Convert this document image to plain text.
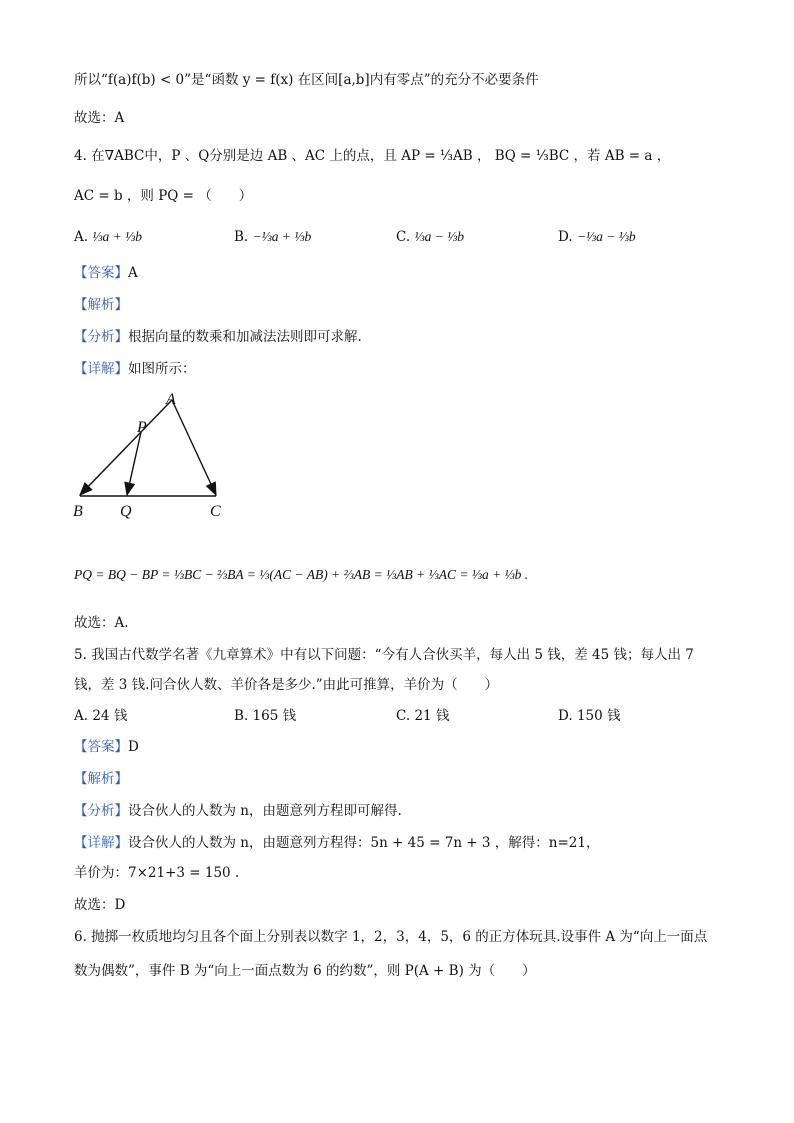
所以“f(a)f(b) < 0”是“函数 y = f(x) 在区间[a,b]内有零点”的充分不必要条件
故选：A
4. 在∇ABC中，P 、Q分别是边 AB 、AC 上的点，且 AP = ⅓AB ， BQ = ⅓BC ，若 AB = a ，
AC = b ，则 PQ = （　　）
A. ⅓a + ⅓b	B. −⅓a + ⅓b	C. ⅓a − ⅓b	D. −⅓a − ⅓b
【答案】A
【解析】
【分析】根据向量的数乘和加减法法则即可求解.
【详解】如图所示：
A
P
B Q	C
PQ = BQ − BP = ⅓BC − ⅔BA = ⅓(AC − AB) + ⅔AB = ⅓AB + ⅓AC = ⅓a + ⅓b .
故选：A.
5. 我国古代数学名著《九章算术》中有以下问题：“今有人合伙买羊，每人出 5 钱，差 45 钱；每人出 7
钱，差 3 钱.问合伙人数、羊价各是多少.”由此可推算，羊价为（　　）
A. 24 钱	B. 165 钱	C. 21 钱	D. 150 钱
【答案】D
【解析】
【分析】设合伙人的人数为 n，由题意列方程即可解得.
【详解】设合伙人的人数为 n，由题意列方程得：5n + 45 = 7n + 3 ，解得：n=21，
羊价为：7×21+3 = 150 .
故选：D
6. 抛掷一枚质地均匀且各个面上分别表以数字 1，2，3，4，5，6 的正方体玩具.设事件 A 为“向上一面点
数为偶数”，事件 B 为“向上一面点数为 6 的约数”，则 P(A + B) 为（　　）
